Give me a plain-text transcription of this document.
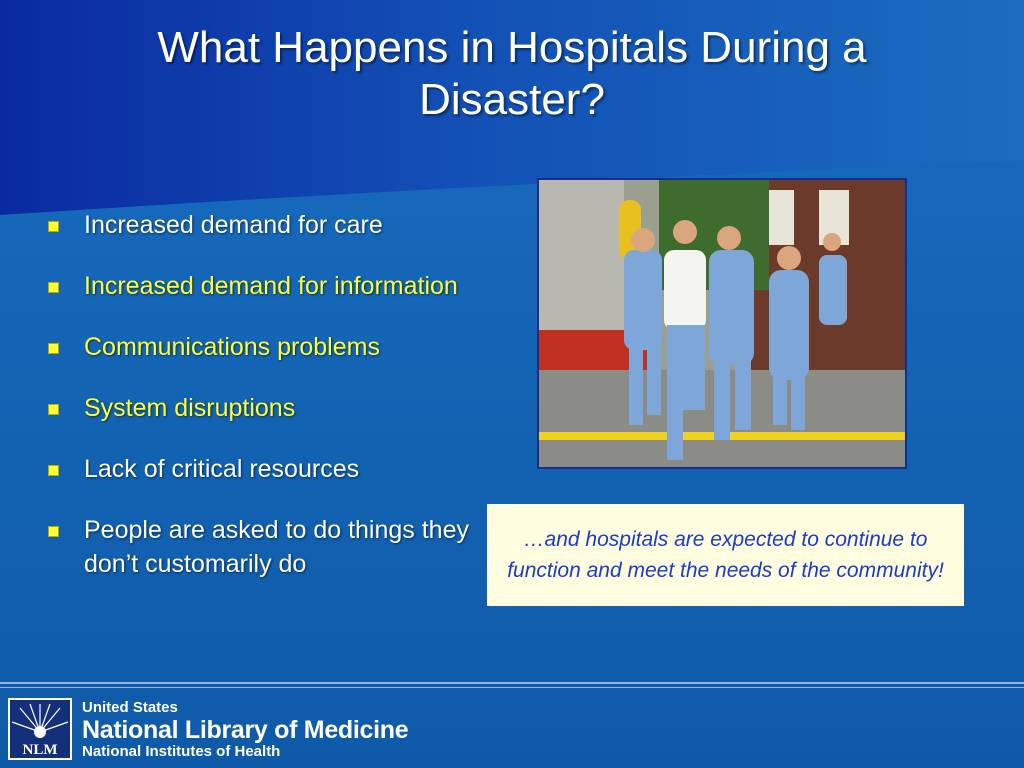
What Happens in Hospitals During a Disaster?
Increased demand for care
Increased demand for information
Communications problems
System disruptions
Lack of critical resources
People are asked to do things they don’t customarily do
…and hospitals are expected to continue to function and meet the needs of the community!
NLM
United States
National Library of Medicine
National Institutes of Health
